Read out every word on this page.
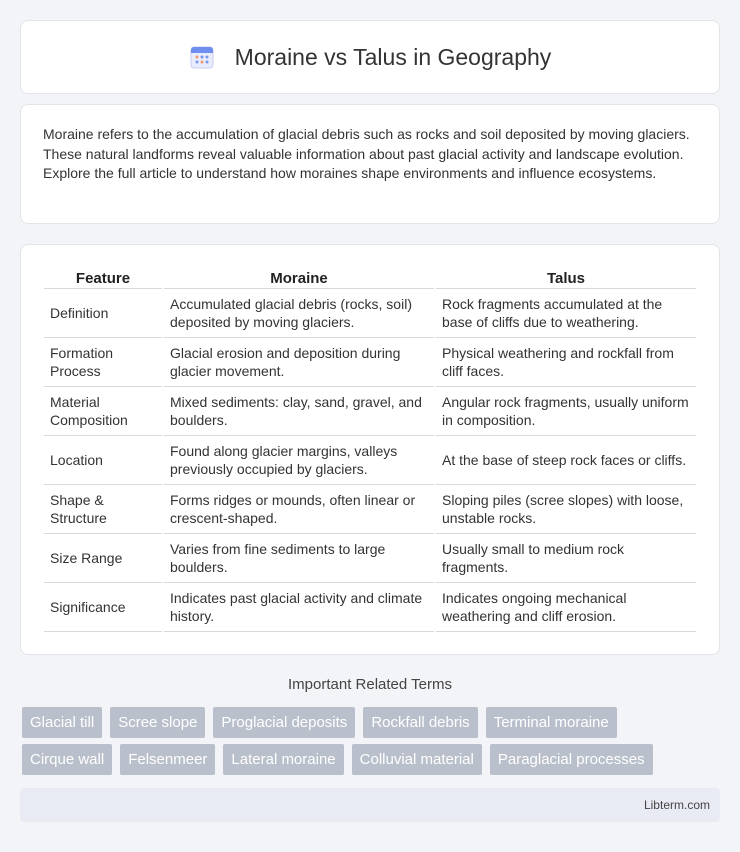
Moraine vs Talus in Geography

Moraine refers to the accumulation of glacial debris such as rocks and soil deposited by moving glaciers. These natural landforms reveal valuable information about past glacial activity and landscape evolution. Explore the full article to understand how moraines shape environments and influence ecosystems.

Feature	Moraine	Talus
Definition	Accumulated glacial debris (rocks, soil) deposited by moving glaciers.	Rock fragments accumulated at the base of cliffs due to weathering.
Formation Process	Glacial erosion and deposition during glacier movement.	Physical weathering and rockfall from cliff faces.
Material Composition	Mixed sediments: clay, sand, gravel, and boulders.	Angular rock fragments, usually uniform in composition.
Location	Found along glacier margins, valleys previously occupied by glaciers.	At the base of steep rock faces or cliffs.
Shape & Structure	Forms ridges or mounds, often linear or crescent-shaped.	Sloping piles (scree slopes) with loose, unstable rocks.
Size Range	Varies from fine sediments to large boulders.	Usually small to medium rock fragments.
Significance	Indicates past glacial activity and climate history.	Indicates ongoing mechanical weathering and cliff erosion.
Important Related Terms
Glacial till	Scree slope	Proglacial deposits	Rockfall debris	Terminal moraine
Cirque wall	Felsenmeer	Lateral moraine	Colluvial material	Paraglacial processes
Libterm.com
